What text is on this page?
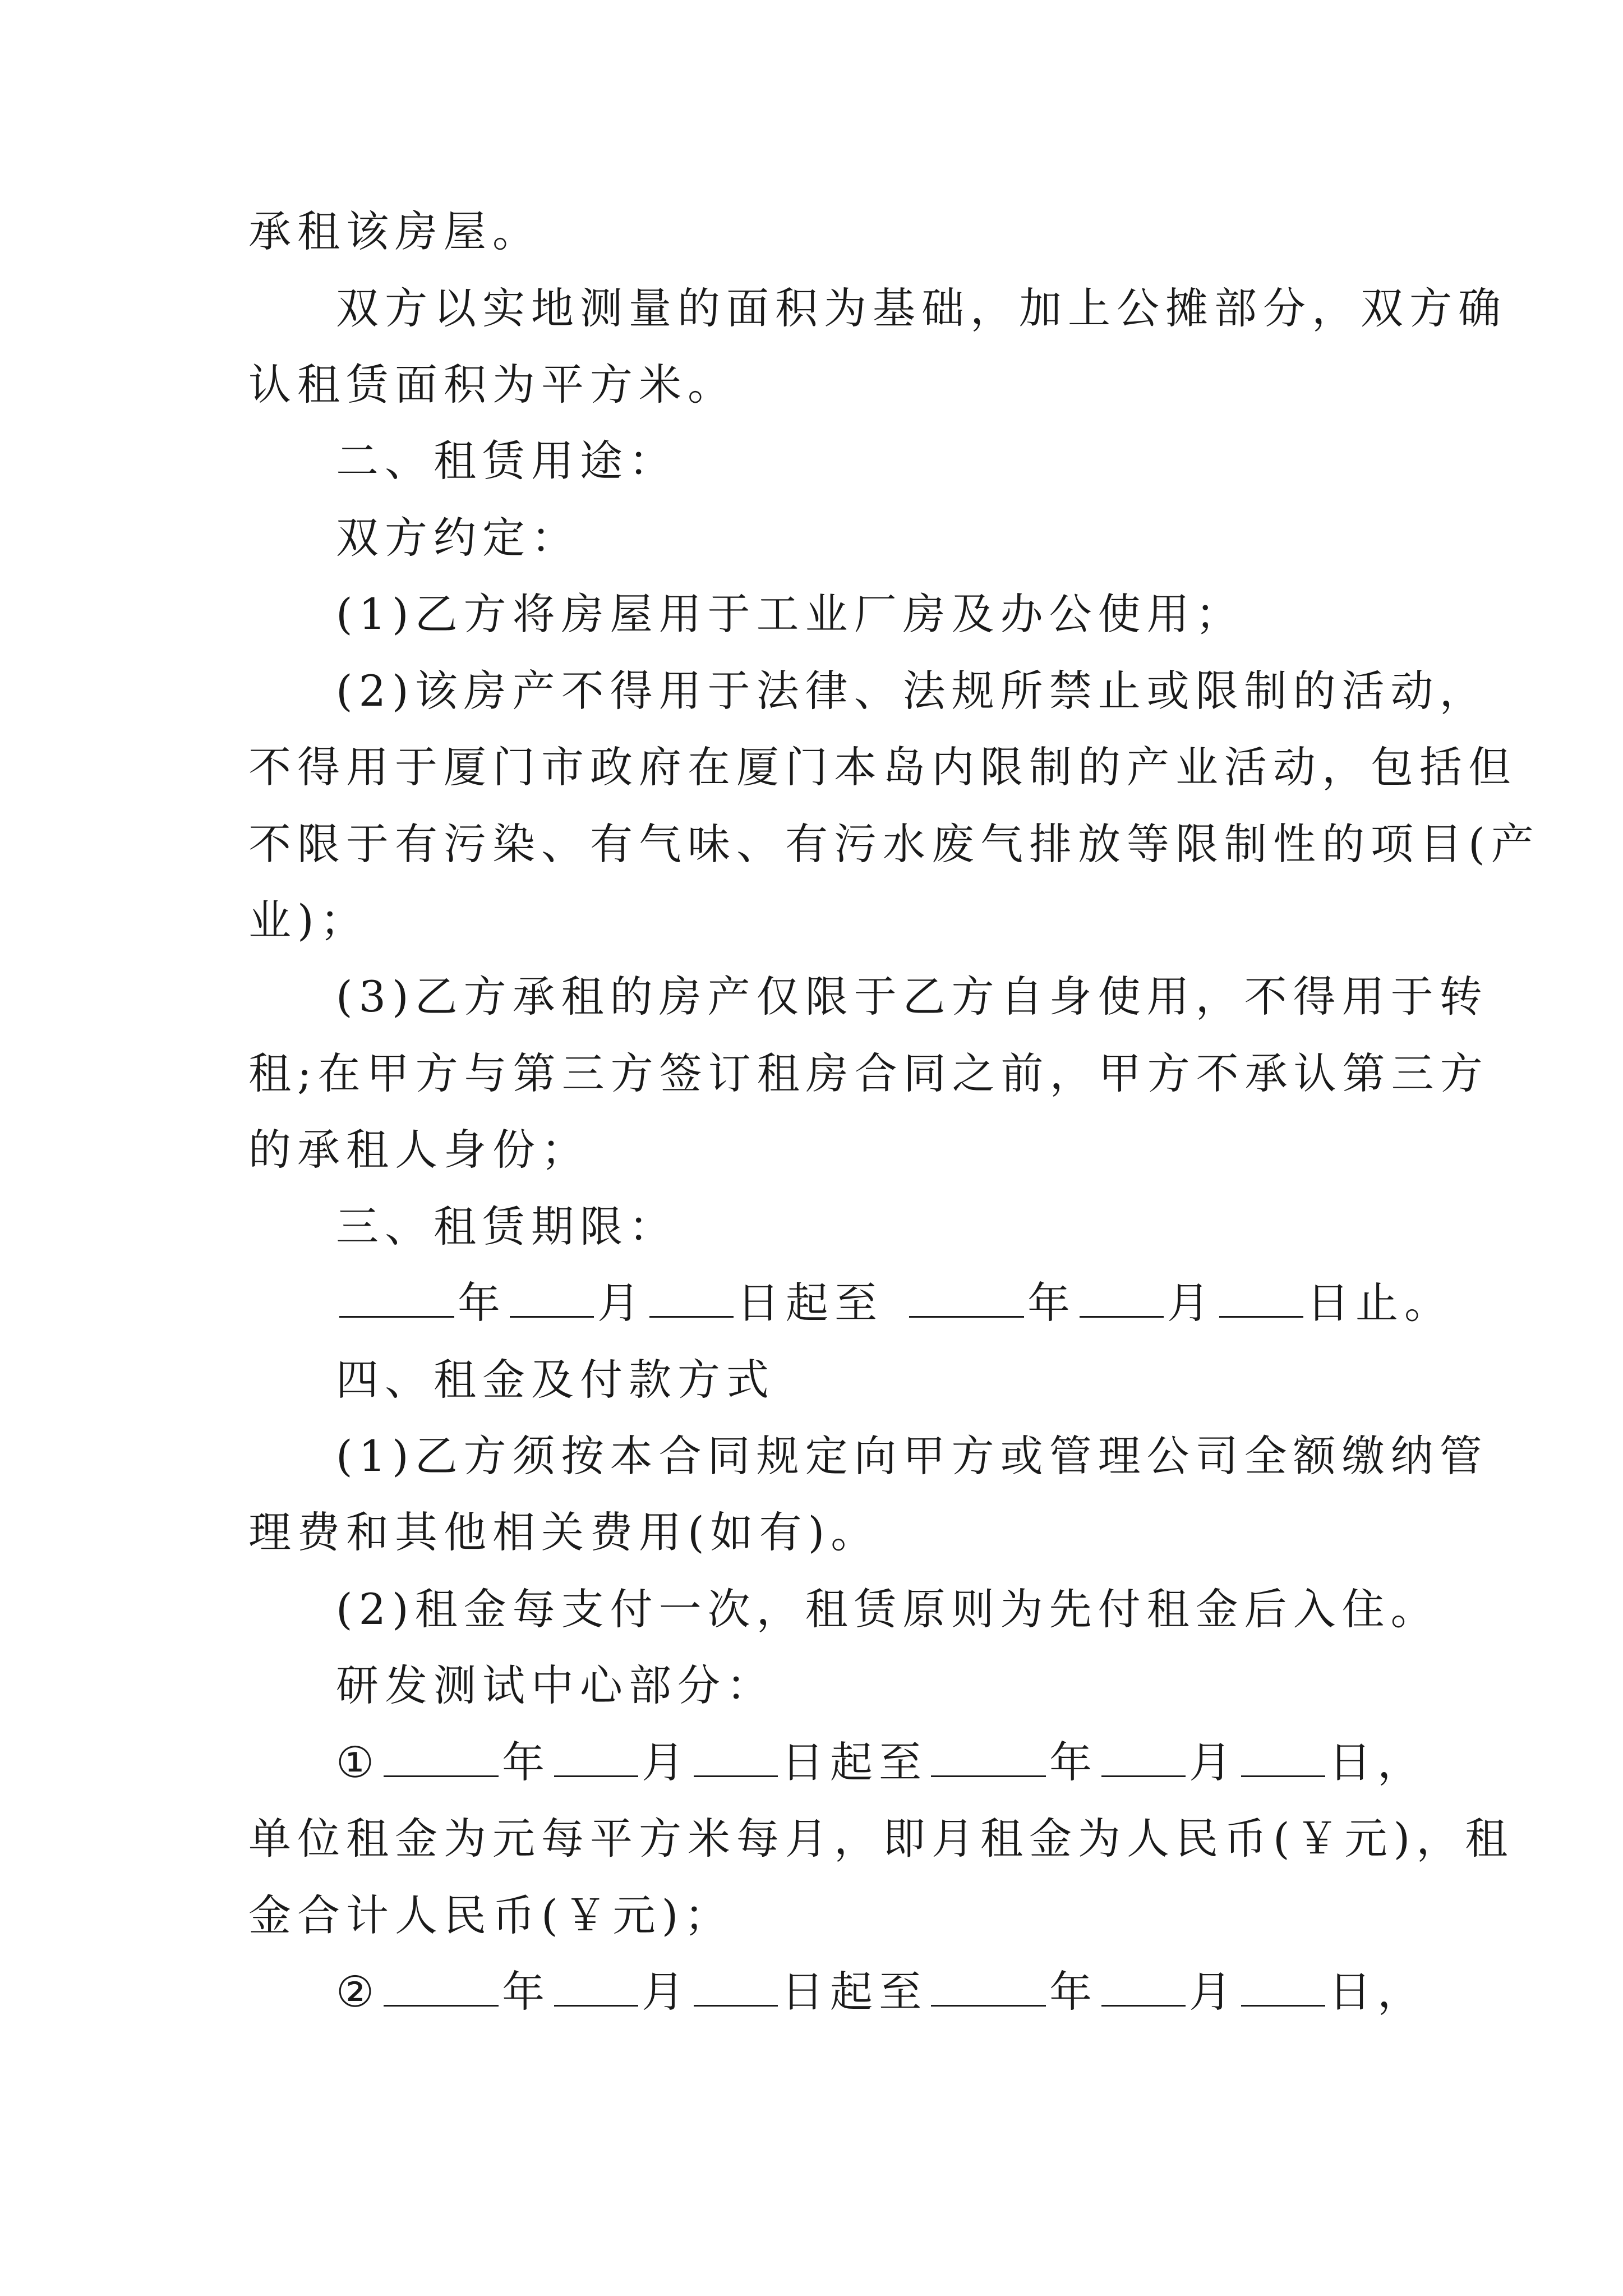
承租该房屋。
双方以实地测量的面积为基础，加上公摊部分，双方确
认租赁面积为平方米。
二、租赁用途：
双方约定：
(1)乙方将房屋用于工业厂房及办公使用；
(2)该房产不得用于法律、法规所禁止或限制的活动，
不得用于厦门市政府在厦门本岛内限制的产业活动，包括但
不限于有污染、有气味、有污水废气排放等限制性的项目(产
业)；
(3)乙方承租的房产仅限于乙方自身使用，不得用于转
租;在甲方与第三方签订租房合同之前，甲方不承认第三方
的承租人身份；
三、租赁期限：
年 月 日起至	年 月 日止。
四、租金及付款方式
(1)乙方须按本合同规定向甲方或管理公司全额缴纳管
理费和其他相关费用(如有)。
(2)租金每支付一次，租赁原则为先付租金后入住。
研发测试中心部分：
①	年 月 日起至	年 月 日，
单位租金为元每平方米每月，即月租金为人民币(￥元)，租
金合计人民币(￥元)；
②	年 月 日起至	年 月 日，
